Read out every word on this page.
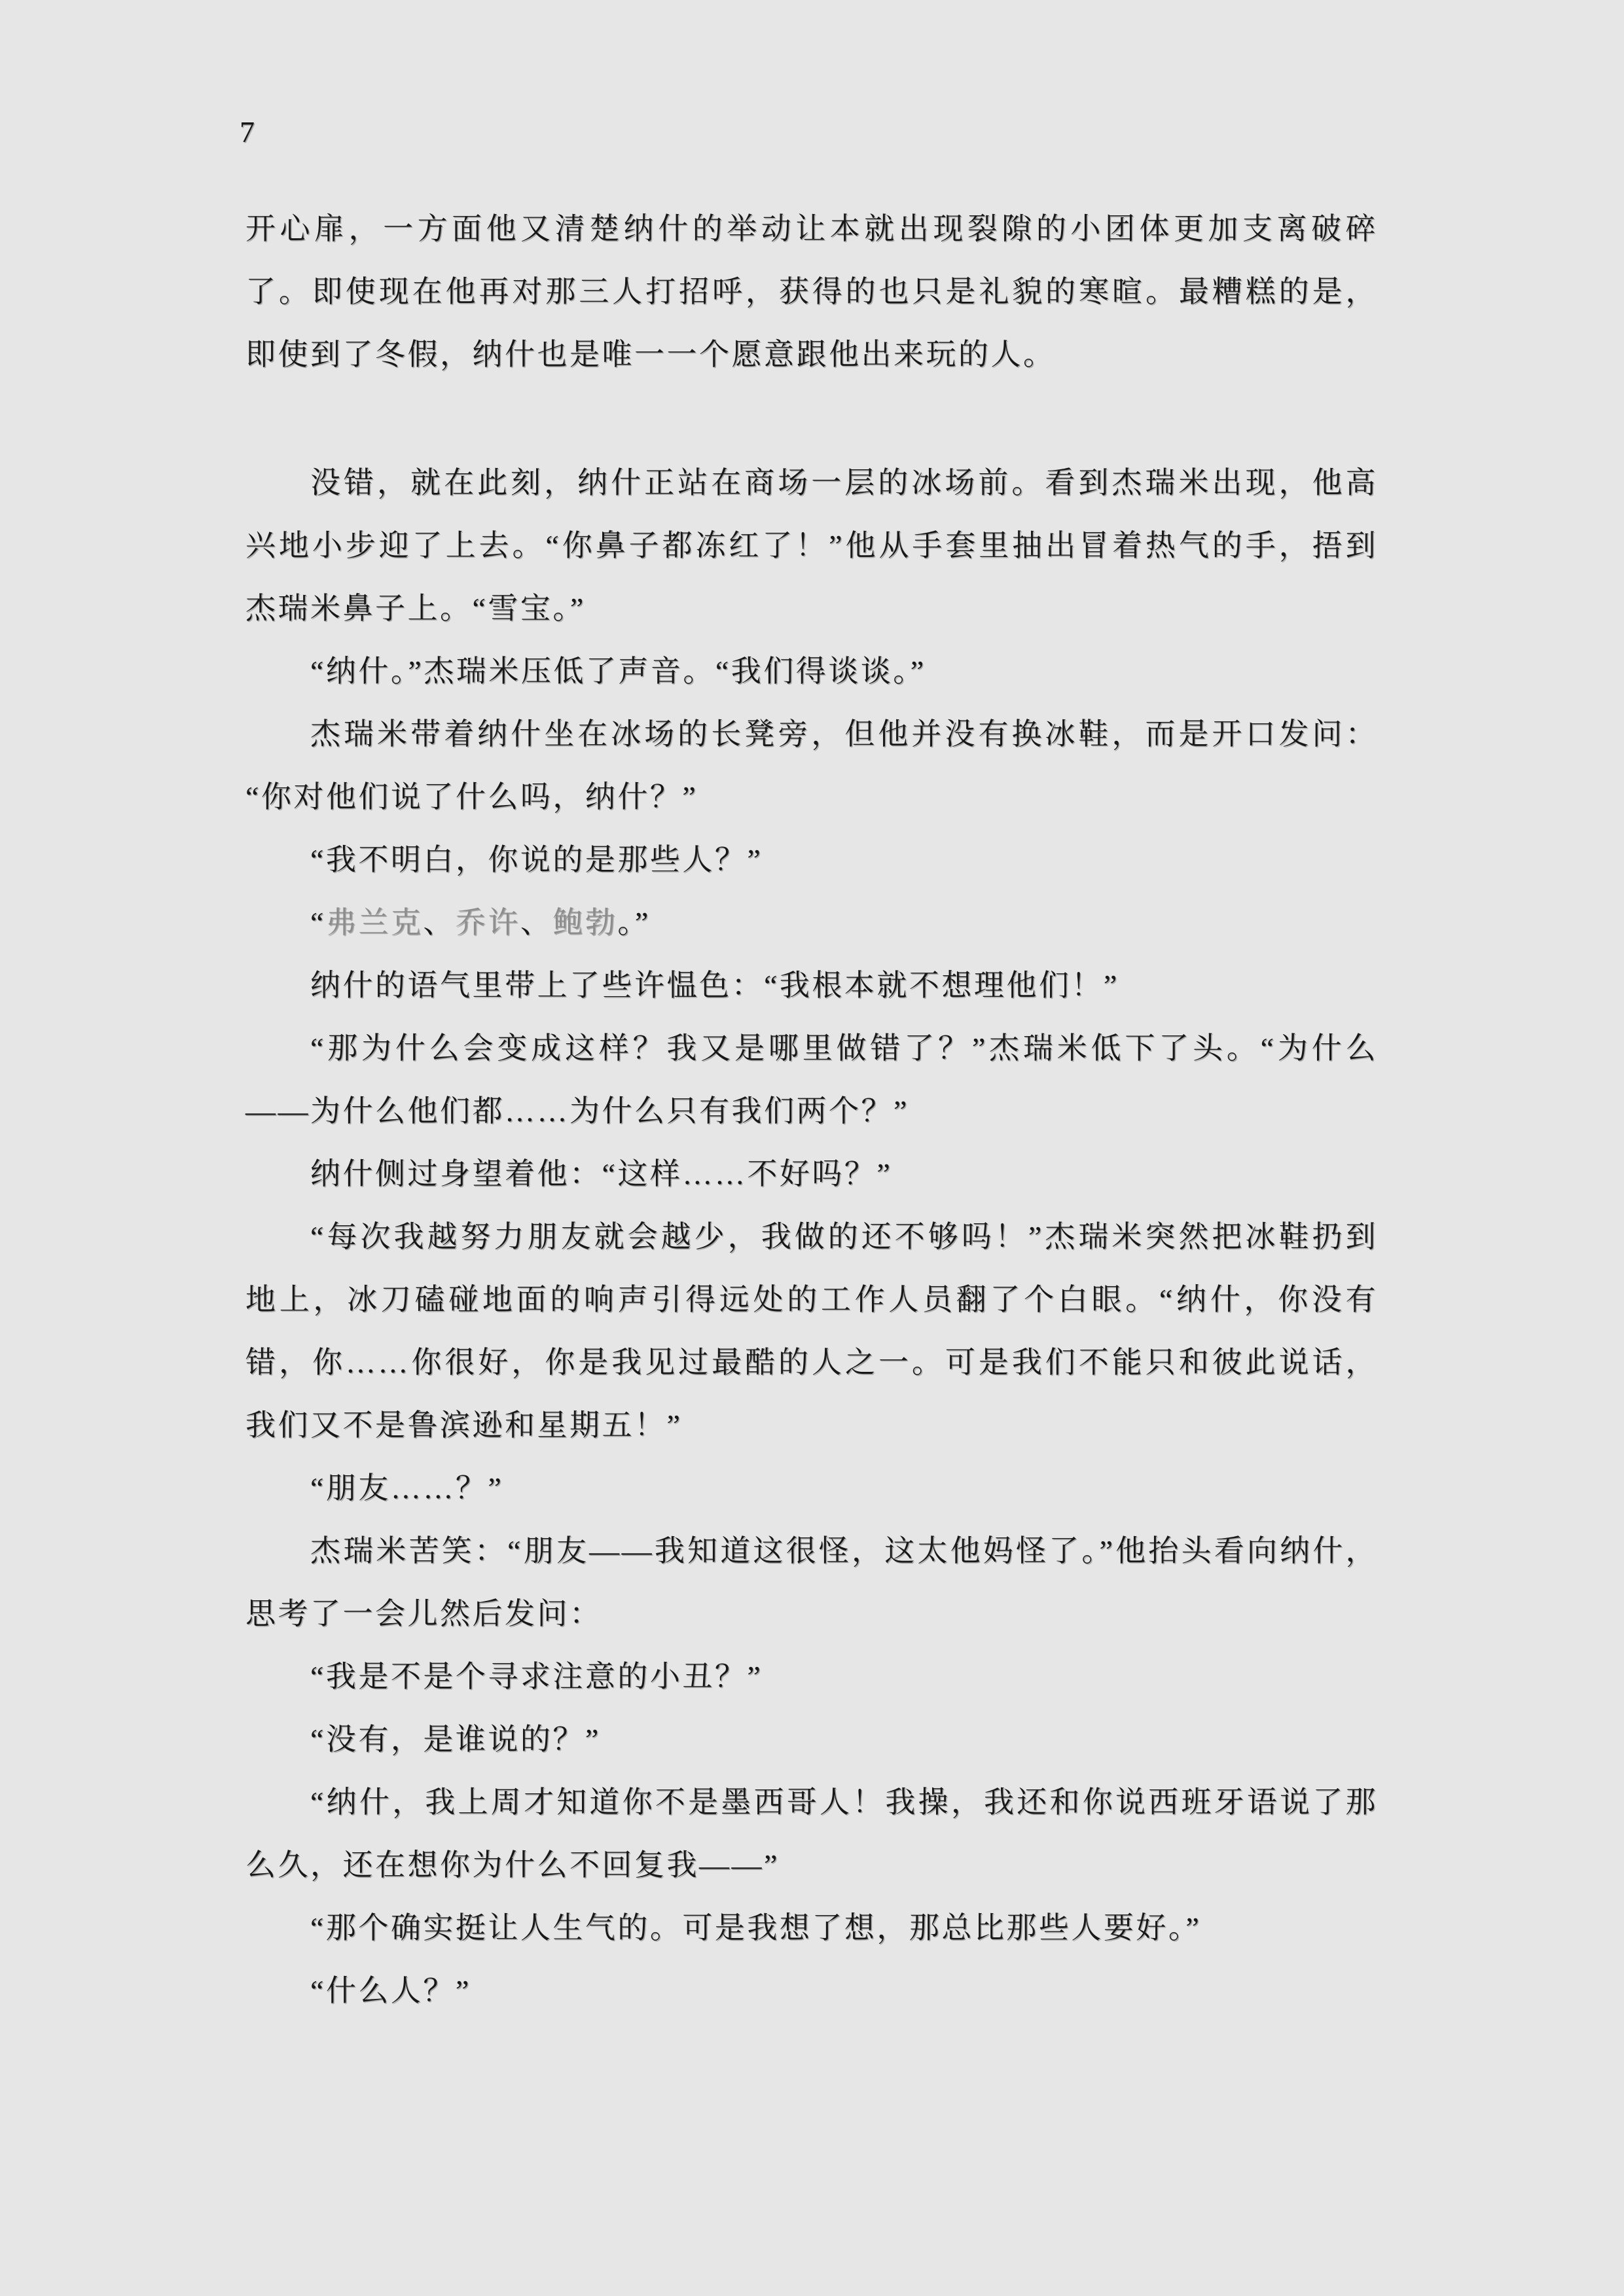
7

开心扉，一方面他又清楚纳什的举动让本就出现裂隙的小团体更加支离破碎了。即使现在他再对那三人打招呼，获得的也只是礼貌的寒暄。最糟糕的是，即使到了冬假，纳什也是唯一一个愿意跟他出来玩的人。

没错，就在此刻，纳什正站在商场一层的冰场前。看到杰瑞米出现，他高兴地小步迎了上去。“你鼻子都冻红了！”他从手套里抽出冒着热气的手，捂到杰瑞米鼻子上。“雪宝。”

“纳什。”杰瑞米压低了声音。“我们得谈谈。”

杰瑞米带着纳什坐在冰场的长凳旁，但他并没有换冰鞋，而是开口发问：“你对他们说了什么吗，纳什？”

“我不明白，你说的是那些人？”

“弗兰克、乔许、鲍勃。”

纳什的语气里带上了些许愠色：“我根本就不想理他们！”

“那为什么会变成这样？我又是哪里做错了？”杰瑞米低下了头。“为什么——为什么他们都……为什么只有我们两个？”

纳什侧过身望着他：“这样……不好吗？”

“每次我越努力朋友就会越少，我做的还不够吗！”杰瑞米突然把冰鞋扔到地上，冰刀磕碰地面的响声引得远处的工作人员翻了个白眼。“纳什，你没有错，你……你很好，你是我见过最酷的人之一。可是我们不能只和彼此说话，我们又不是鲁滨逊和星期五！”

“朋友……？”

杰瑞米苦笑：“朋友——我知道这很怪，这太他妈怪了。”他抬头看向纳什，思考了一会儿然后发问：

“我是不是个寻求注意的小丑？”

“没有，是谁说的？”

“纳什，我上周才知道你不是墨西哥人！我操，我还和你说西班牙语说了那么久，还在想你为什么不回复我——”

“那个确实挺让人生气的。可是我想了想，那总比那些人要好。”

“什么人？”
